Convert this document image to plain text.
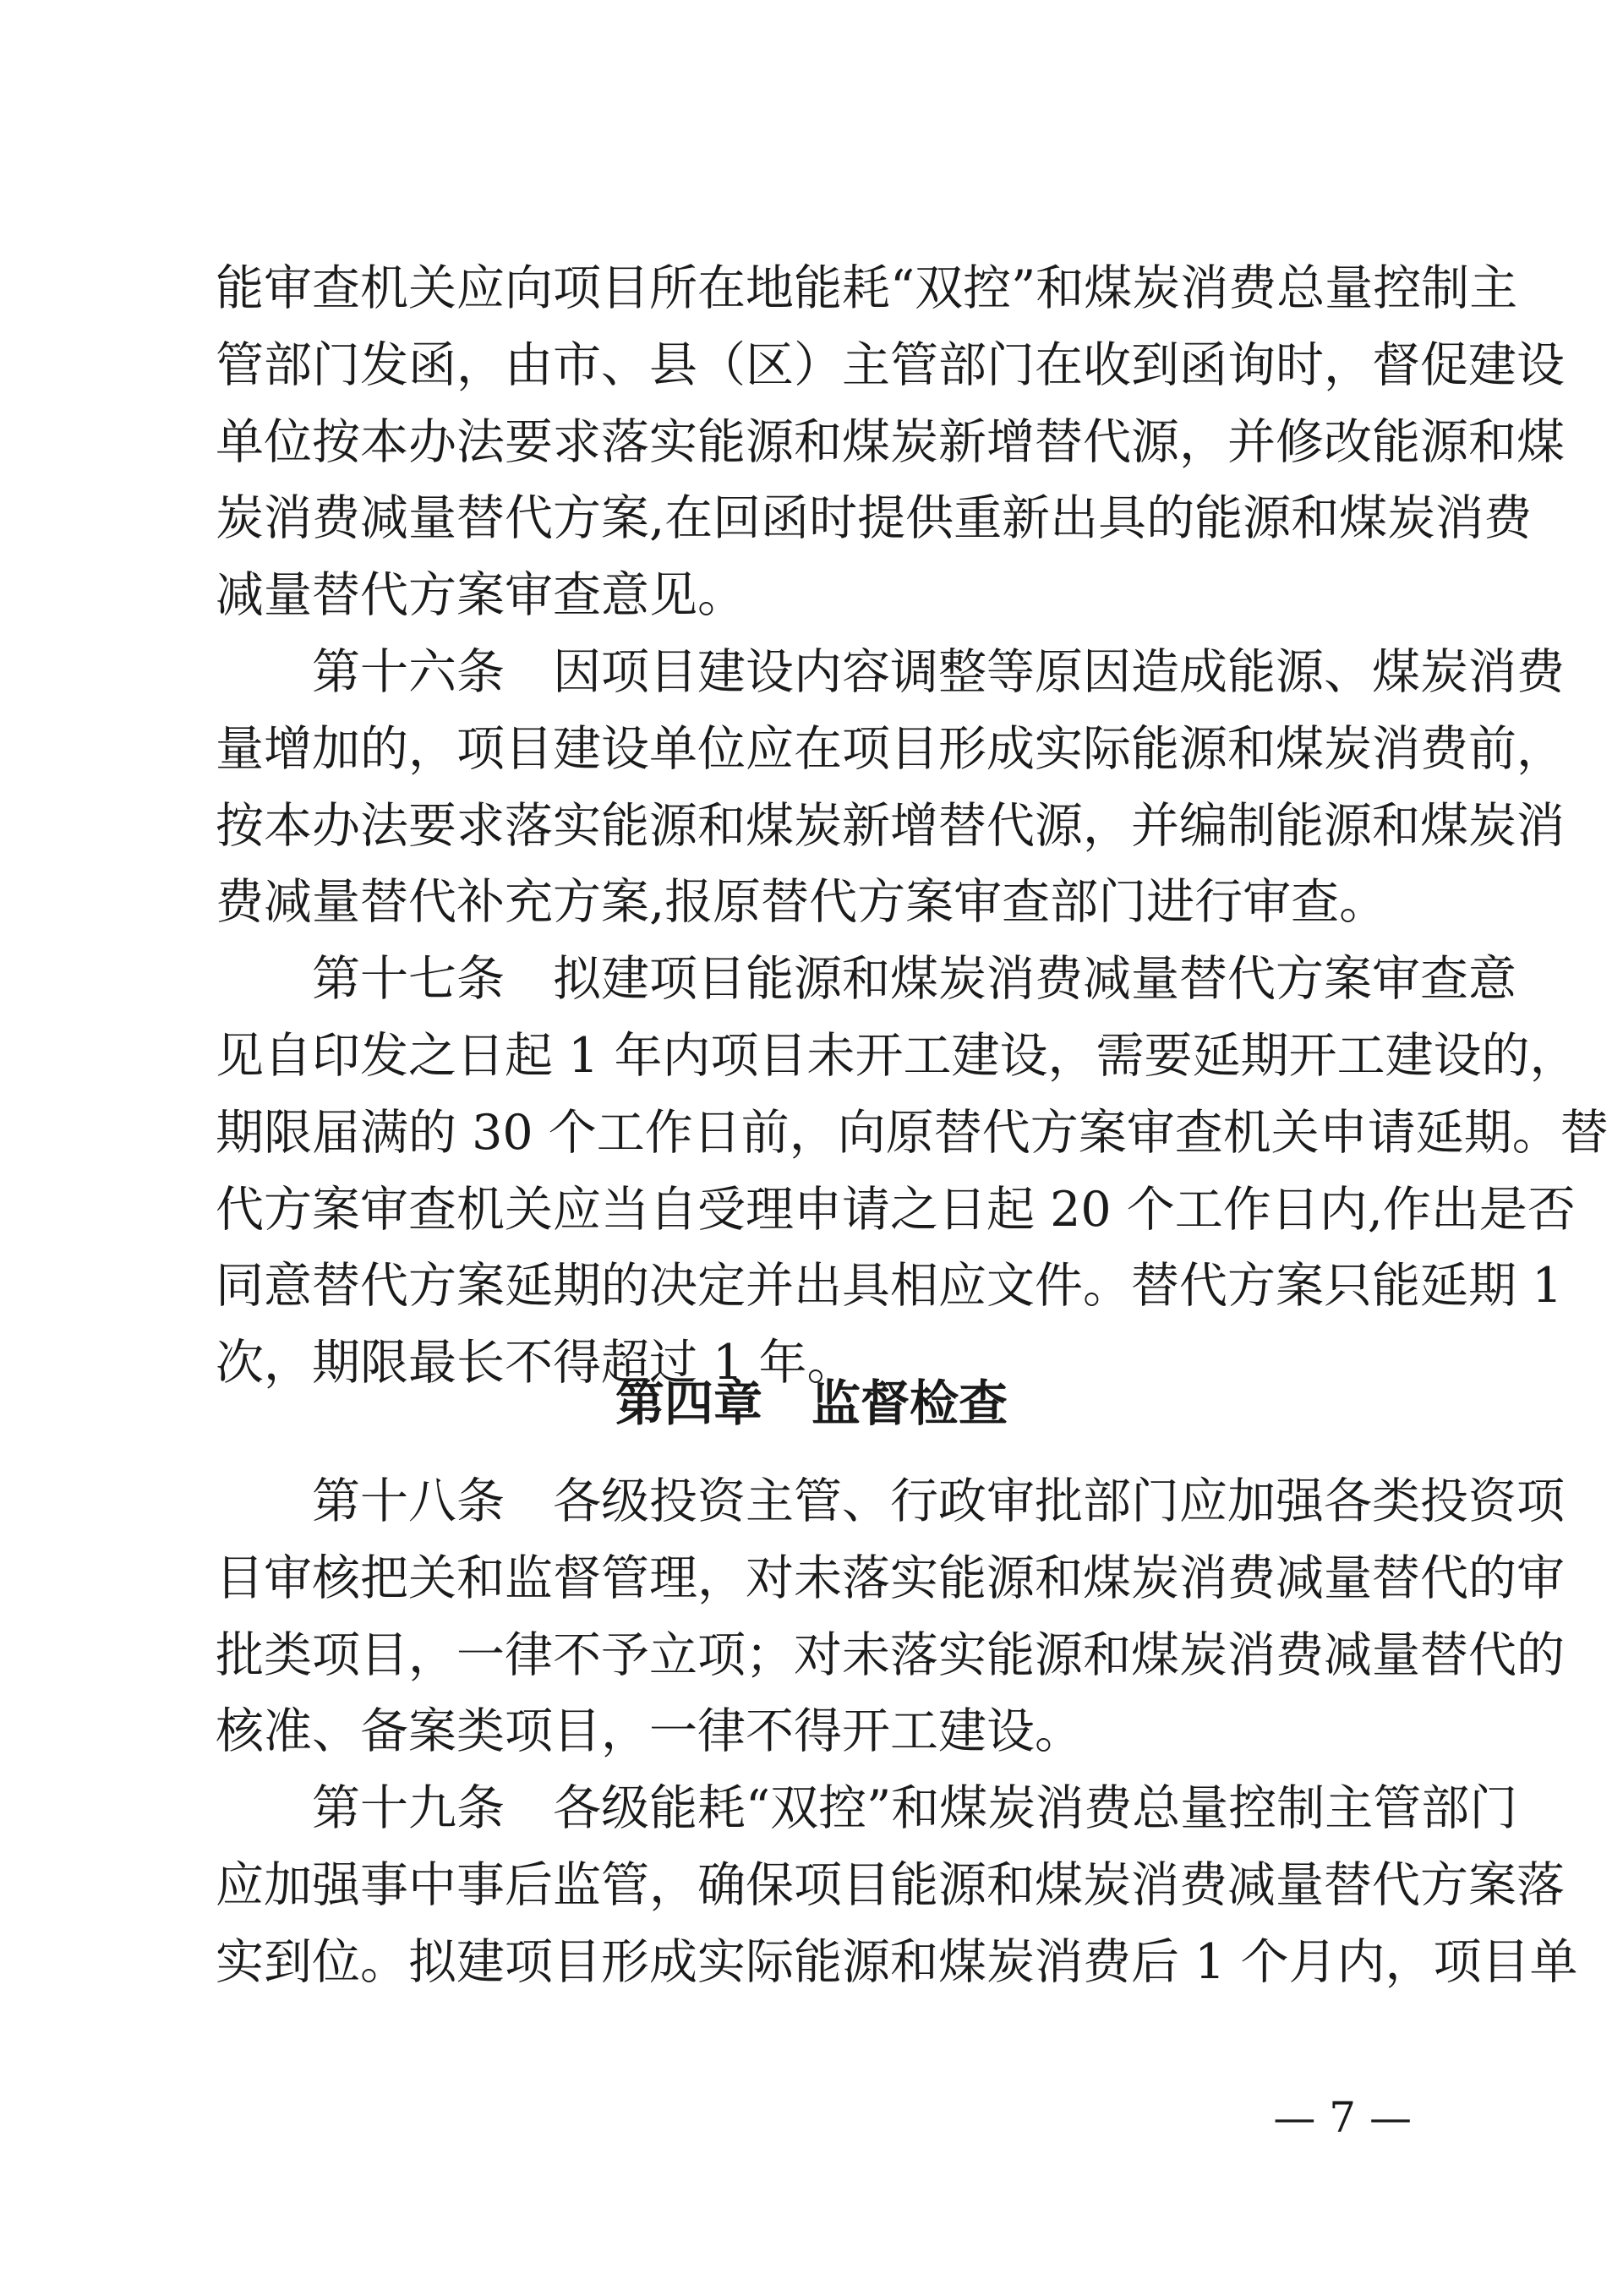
能审查机关应向项目所在地能耗“双控”和煤炭消费总量控制主
管部门发函，由市、县（区）主管部门在收到函询时，督促建设
单位按本办法要求落实能源和煤炭新增替代源，并修改能源和煤
炭消费减量替代方案,在回函时提供重新出具的能源和煤炭消费
减量替代方案审查意见。
　　第十六条　因项目建设内容调整等原因造成能源、煤炭消费
量增加的，项目建设单位应在项目形成实际能源和煤炭消费前，
按本办法要求落实能源和煤炭新增替代源，并编制能源和煤炭消
费减量替代补充方案,报原替代方案审查部门进行审查。
　　第十七条　拟建项目能源和煤炭消费减量替代方案审查意
见自印发之日起 1 年内项目未开工建设，需要延期开工建设的，
期限届满的 30 个工作日前，向原替代方案审查机关申请延期。替
代方案审查机关应当自受理申请之日起 20 个工作日内,作出是否
同意替代方案延期的决定并出具相应文件。替代方案只能延期 1
次，期限最长不得超过 1 年。
第四章　监督检查
　　第十八条　各级投资主管、行政审批部门应加强各类投资项
目审核把关和监督管理，对未落实能源和煤炭消费减量替代的审
批类项目，一律不予立项；对未落实能源和煤炭消费减量替代的
核准、备案类项目，一律不得开工建设。
　　第十九条　各级能耗“双控”和煤炭消费总量控制主管部门
应加强事中事后监管，确保项目能源和煤炭消费减量替代方案落
实到位。拟建项目形成实际能源和煤炭消费后 1 个月内，项目单
— 7 —
